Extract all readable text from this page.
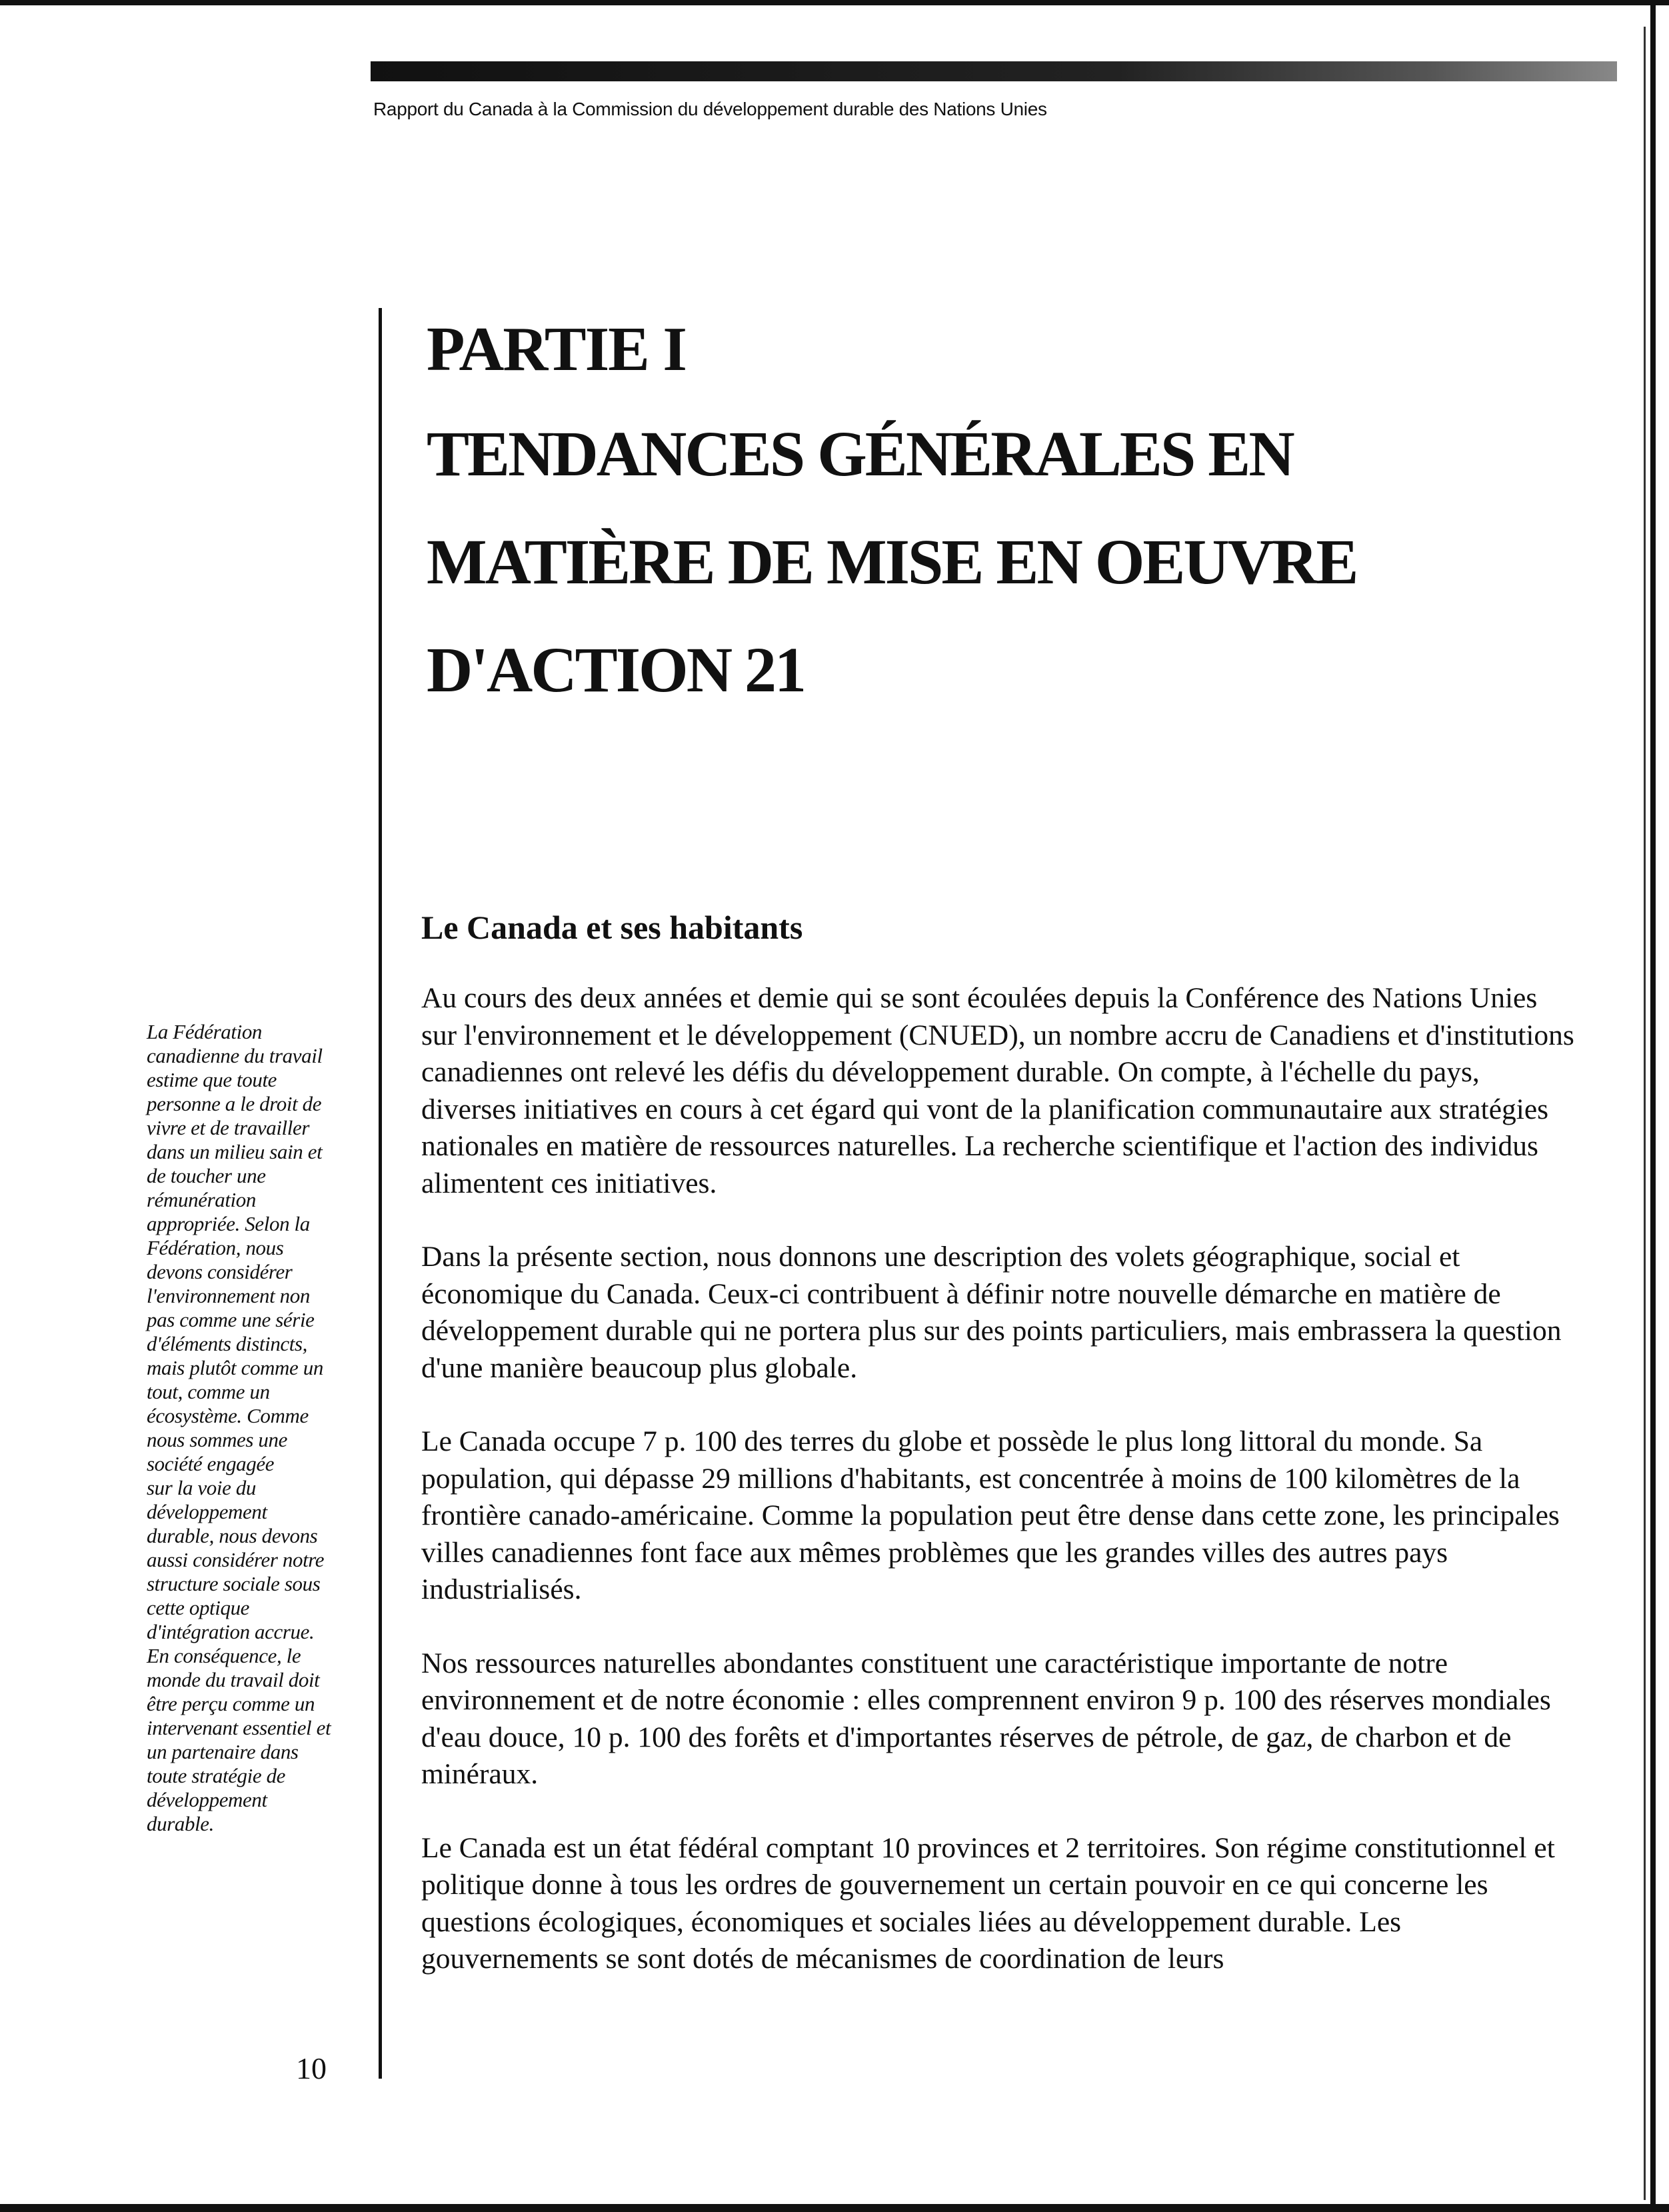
Rapport du Canada à la Commission du développement durable des Nations Unies
PARTIE I
TENDANCES GÉNÉRALES EN
MATIÈRE DE MISE EN OEUVRE
D'ACTION 21
Le Canada et ses habitants

Au cours des deux années et demie qui se sont écoulées depuis la Conférence des Nations Unies sur l'environnement et le développement (CNUED), un nombre accru de Canadiens et d'institutions canadiennes ont relevé les défis du développement durable. On compte, à l'échelle du pays, diverses initiatives en cours à cet égard qui vont de la planification communautaire aux stratégies nationales en matière de ressources naturelles. La recherche scientifique et l'action des individus alimentent ces initiatives.

Dans la présente section, nous donnons une description des volets géographique, social et économique du Canada. Ceux-ci contribuent à définir notre nouvelle démarche en matière de développement durable qui ne portera plus sur des points particuliers, mais embrassera la question d'une manière beaucoup plus globale.

Le Canada occupe 7 p. 100 des terres du globe et possède le plus long littoral du monde. Sa population, qui dépasse 29 millions d'habitants, est concentrée à moins de 100 kilomètres de la frontière canado-américaine. Comme la population peut être dense dans cette zone, les principales villes canadiennes font face aux mêmes problèmes que les grandes villes des autres pays industrialisés.

Nos ressources naturelles abondantes constituent une caractéristique importante de notre environnement et de notre économie : elles comprennent environ 9 p. 100 des réserves mondiales d'eau douce, 10 p. 100 des forêts et d'importantes réserves de pétrole, de gaz, de charbon et de minéraux.

Le Canada est un état fédéral comptant 10 provinces et 2 territoires. Son régime constitutionnel et politique donne à tous les ordres de gouvernement un certain pouvoir en ce qui concerne les questions écologiques, économiques et sociales liées au développement durable. Les gouvernements se sont dotés de mécanismes de coordination de leurs

La Fédération
canadienne du travail
estime que toute
personne a le droit de
vivre et de travailler
dans un milieu sain et
de toucher une
rémunération
appropriée. Selon la
Fédération, nous
devons considérer
l'environnement non
pas comme une série
d'éléments distincts,
mais plutôt comme un
tout, comme un
écosystème. Comme
nous sommes une
société engagée
sur la voie du
développement
durable, nous devons
aussi considérer notre
structure sociale sous
cette optique
d'intégration accrue.
En conséquence, le
monde du travail doit
être perçu comme un
intervenant essentiel et
un partenaire dans
toute stratégie de
développement
durable.
10
